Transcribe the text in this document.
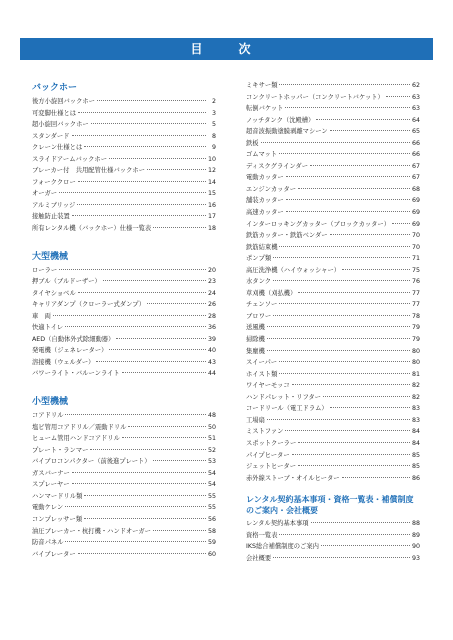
目　次
バックホー
後方小旋回バックホー	2
可変脚仕様とは	3
超小旋回バックホー	5
スタンダード	8
クレーン仕様とは	9
スライドアームバックホー	10
ブレーカー付　共用配管仕様バックホー	12
フォーククロー	14
オーガー	15
アルミブリッジ	16
接触防止装置	17
所有レンタル機（バックホー）仕様一覧表	18
大型機械
ローラー	20
押ブル（ブルドーザー）	23
タイヤショベル	24
キャリアダンプ（クローラー式ダンプ）	26
車　両	28
快適トイレ	36
AED（自動体外式除細動器）	39
発電機（ジェネレーター）	40
溶接機（ウェルダー）	43
バワーライト・バルーンライト	44
小型機械
コアドリル	48
塩ビ管用コアドリル／震動ドリル	50
ヒューム管用ハンドコアドリル	51
プレート・ランマー	52
バイブロコンパクター（前後進プレート）	53
ガスバーナー	54
スプレーヤー	54
ハンマードリル類	55
電動ケレン	55
コンプレッサー類	56
油圧ブレーカー・杭打機・ハンドオーガー	58
防音パネル	59
バイブレーター	60
ミキサー類	62
コンクリートホッパー（コンクリートバケット）	63
転倒バケット	63
ノッチタンク（沈殿槽）	64
超音波振動塗膜剥離マシーン	65
鉄板	66
ゴムマット	66
ディスクグラインダー	67
電動カッター	67
エンジンカッター	68
舗装カッター	69
高速カッター	69
インターロッキングカッター（ブロックカッター）	69
鉄筋カッター・鉄筋ベンダー	70
鉄筋結束機	70
ポンプ類	71
高圧洗浄機（ハイウォッシャー）	75
水タンク	76
草刈機（刈払機）	77
チェンソー	77
ブロワー	78
送風機	79
掃除機	79
集塵機	80
スイーパー	80
ホイスト類	81
ワイヤーモッコ	82
ハンドパレット・リフター	82
コードリール（電工ドラム）	83
工場扇	83
ミストファン	84
スポットクーラー	84
パイプヒーター	85
ジェットヒーター	85
赤外線ストーブ・オイルヒーター	86
レンタル契約基本事項・資格一覧表・補償制度のご案内・会社概要
レンタル契約基本事項	88
資格一覧表	89
IKS総合補償制度のご案内	90
会社概要	93
